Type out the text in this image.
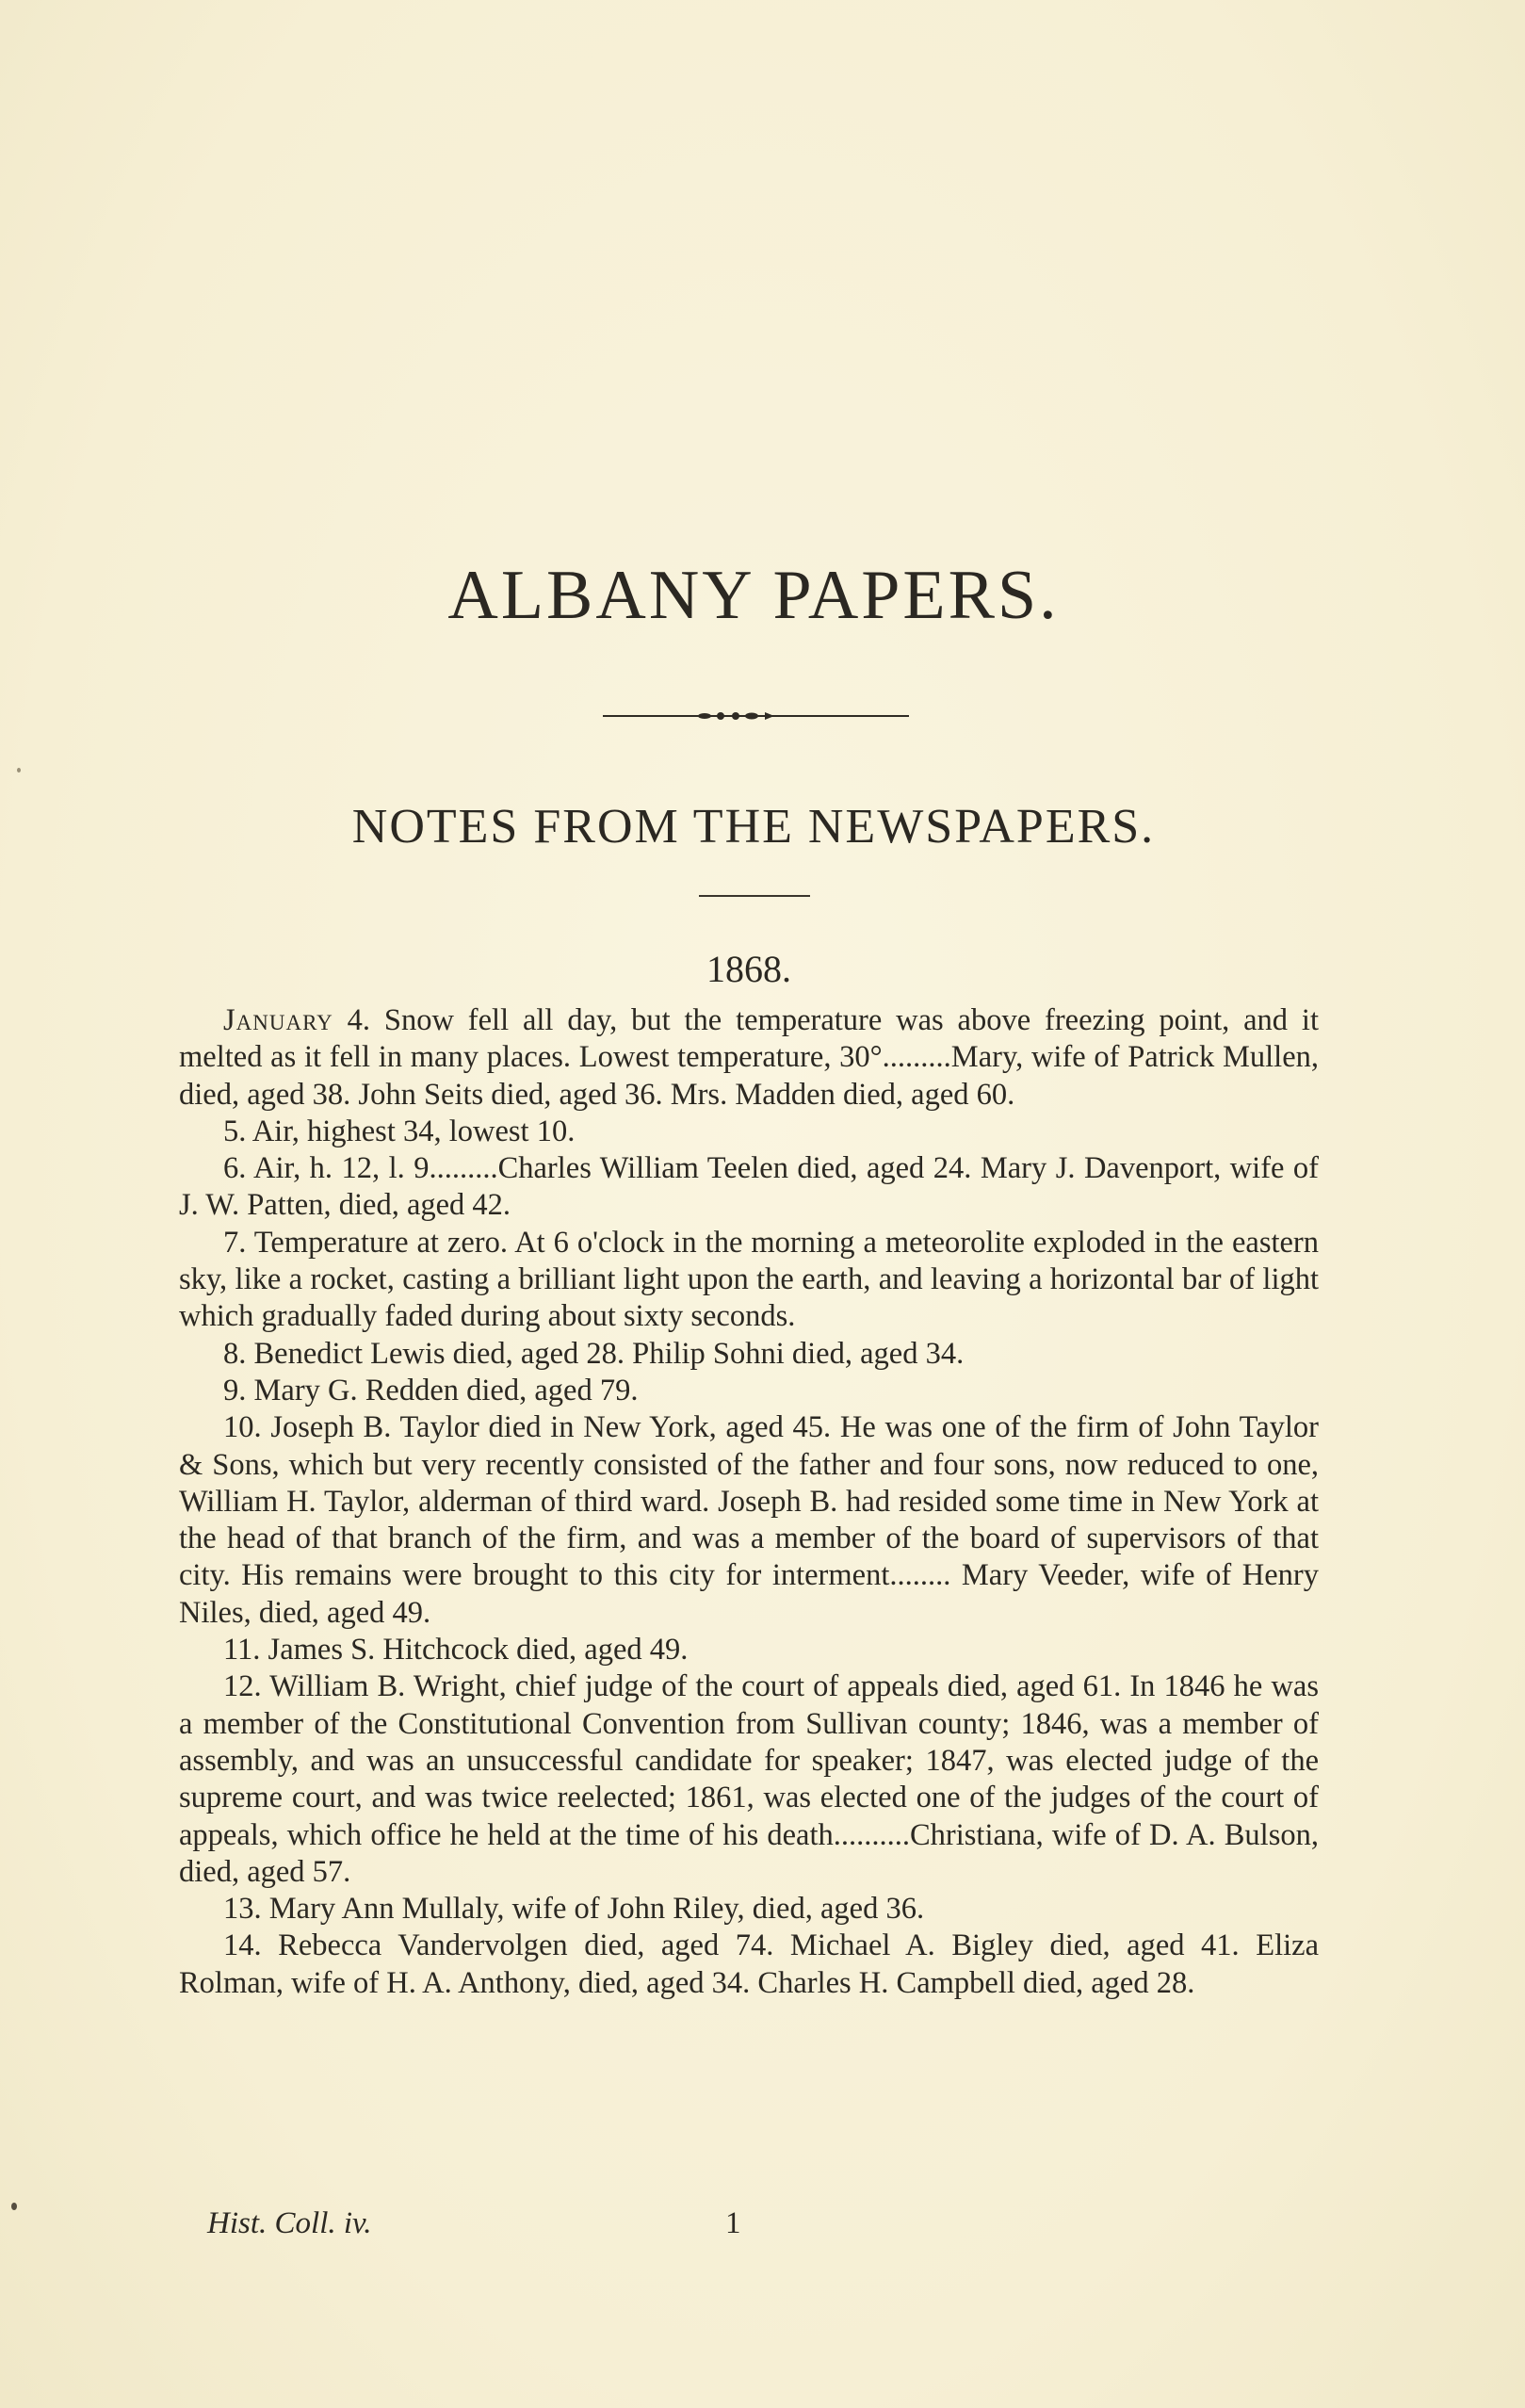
ALBANY PAPERS.
NOTES FROM THE NEWSPAPERS.
1868.

January 4. Snow fell all day, but the temperature was above freezing point, and it melted as it fell in many places. Lowest temperature, 30°.........Mary, wife of Patrick Mullen, died, aged 38. John Seits died, aged 36. Mrs. Madden died, aged 60.

5. Air, highest 34, lowest 10.

6. Air, h. 12, l. 9.........Charles William Teelen died, aged 24. Mary J. Davenport, wife of J. W. Patten, died, aged 42.

7. Temperature at zero. At 6 o'clock in the morning a meteorolite exploded in the eastern sky, like a rocket, casting a brilliant light upon the earth, and leaving a horizontal bar of light which gradually faded during about sixty seconds.

8. Benedict Lewis died, aged 28. Philip Sohni died, aged 34.

9. Mary G. Redden died, aged 79.

10. Joseph B. Taylor died in New York, aged 45. He was one of the firm of John Taylor & Sons, which but very recently consisted of the father and four sons, now reduced to one, William H. Taylor, alderman of third ward. Joseph B. had resided some time in New York at the head of that branch of the firm, and was a member of the board of supervisors of that city. His remains were brought to this city for interment........ Mary Veeder, wife of Henry Niles, died, aged 49.

11. James S. Hitchcock died, aged 49.

12. William B. Wright, chief judge of the court of appeals died, aged 61. In 1846 he was a member of the Constitutional Convention from Sullivan county; 1846, was a member of assembly, and was an unsuccessful candidate for speaker; 1847, was elected judge of the supreme court, and was twice reelected; 1861, was elected one of the judges of the court of appeals, which office he held at the time of his death..........Christiana, wife of D. A. Bulson, died, aged 57.

13. Mary Ann Mullaly, wife of John Riley, died, aged 36.

14. Rebecca Vandervolgen died, aged 74. Michael A. Bigley died, aged 41. Eliza Rolman, wife of H. A. Anthony, died, aged 34. Charles H. Campbell died, aged 28.

Hist. Coll. iv.	1
